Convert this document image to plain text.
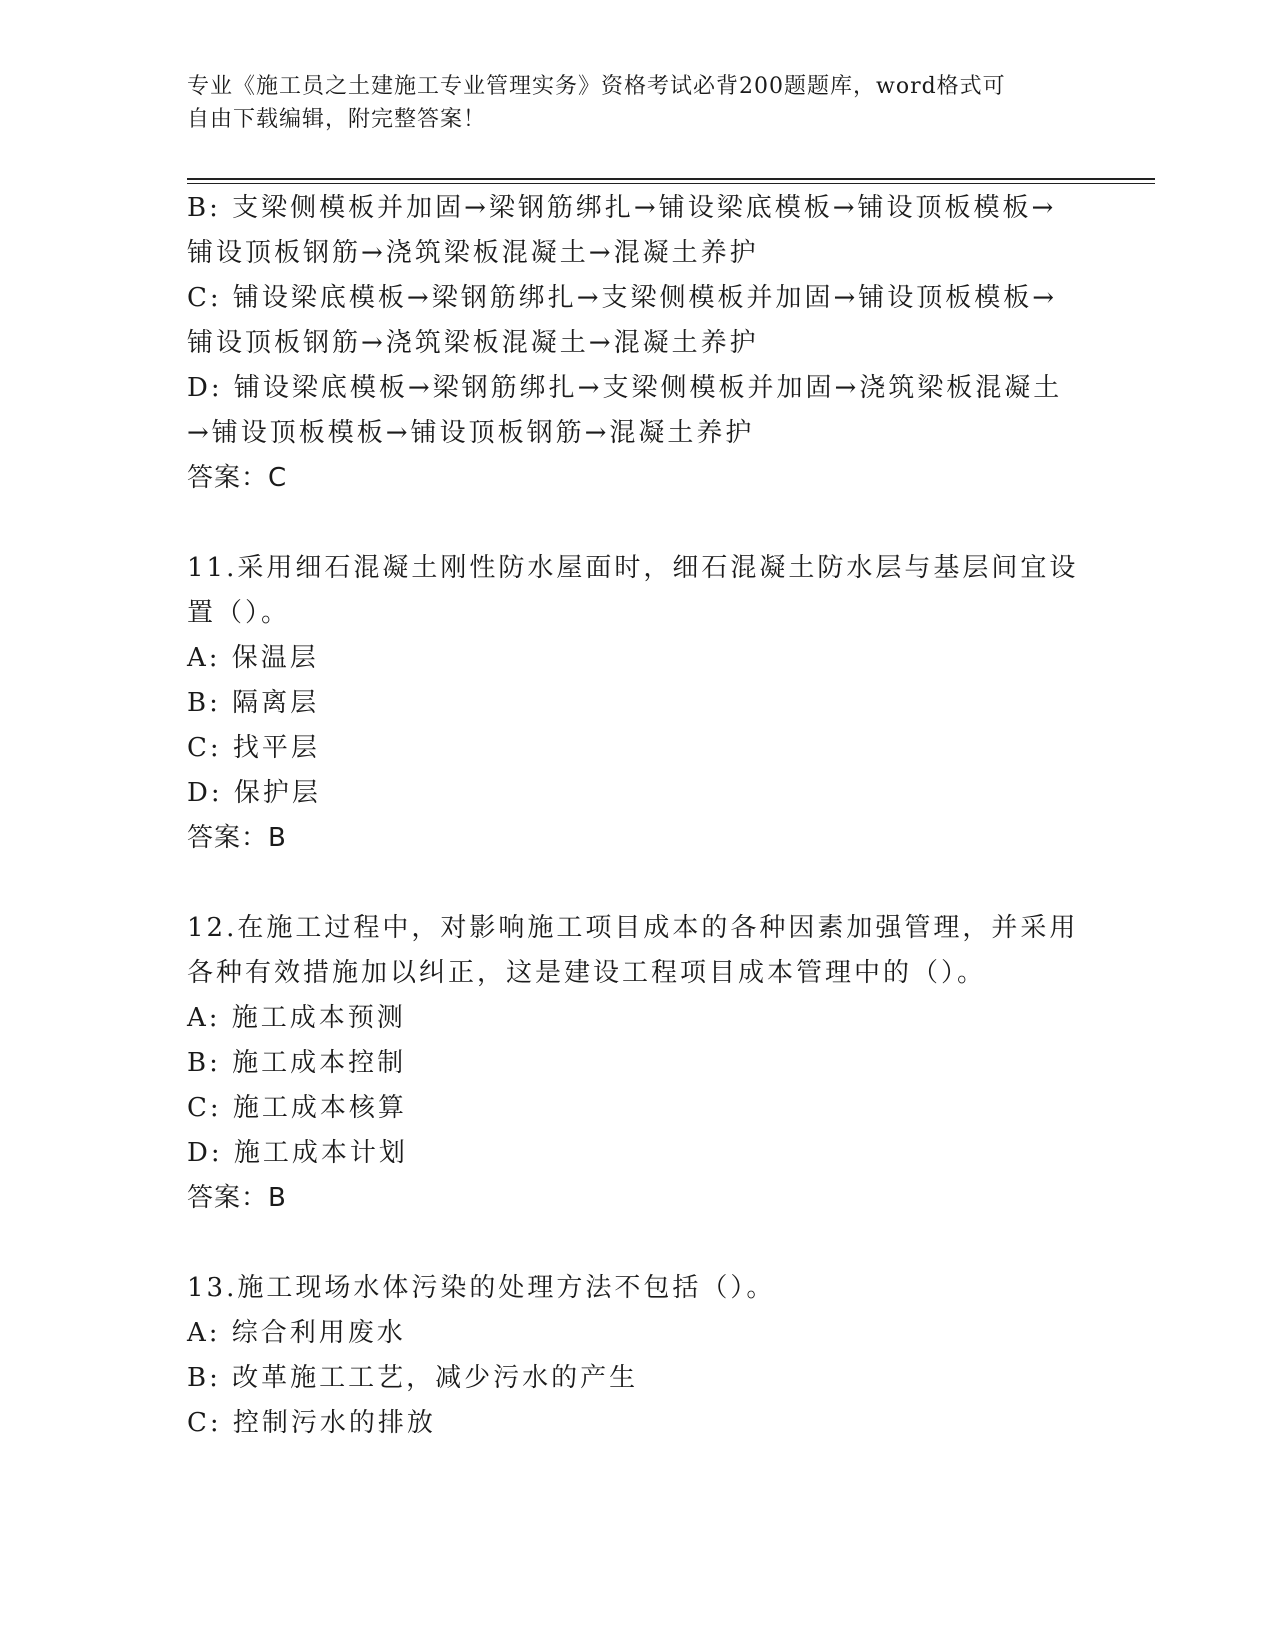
专业《施工员之土建施工专业管理实务》资格考试必背200题题库，word格式可
自由下载编辑，附完整答案！
B: 支梁侧模板并加固→梁钢筋绑扎→铺设梁底模板→铺设顶板模板→
铺设顶板钢筋→浇筑梁板混凝土→混凝土养护
C: 铺设梁底模板→梁钢筋绑扎→支梁侧模板并加固→铺设顶板模板→
铺设顶板钢筋→浇筑梁板混凝土→混凝土养护
D: 铺设梁底模板→梁钢筋绑扎→支梁侧模板并加固→浇筑梁板混凝土
→铺设顶板模板→铺设顶板钢筋→混凝土养护
答案：C
11.采用细石混凝土刚性防水屋面时，细石混凝土防水层与基层间宜设
置（）。
A: 保温层
B: 隔离层
C: 找平层
D: 保护层
答案：B
12.在施工过程中，对影响施工项目成本的各种因素加强管理，并采用
各种有效措施加以纠正，这是建设工程项目成本管理中的（）。
A: 施工成本预测
B: 施工成本控制
C: 施工成本核算
D: 施工成本计划
答案：B
13.施工现场水体污染的处理方法不包括（）。
A: 综合利用废水
B: 改革施工工艺，减少污水的产生
C: 控制污水的排放
